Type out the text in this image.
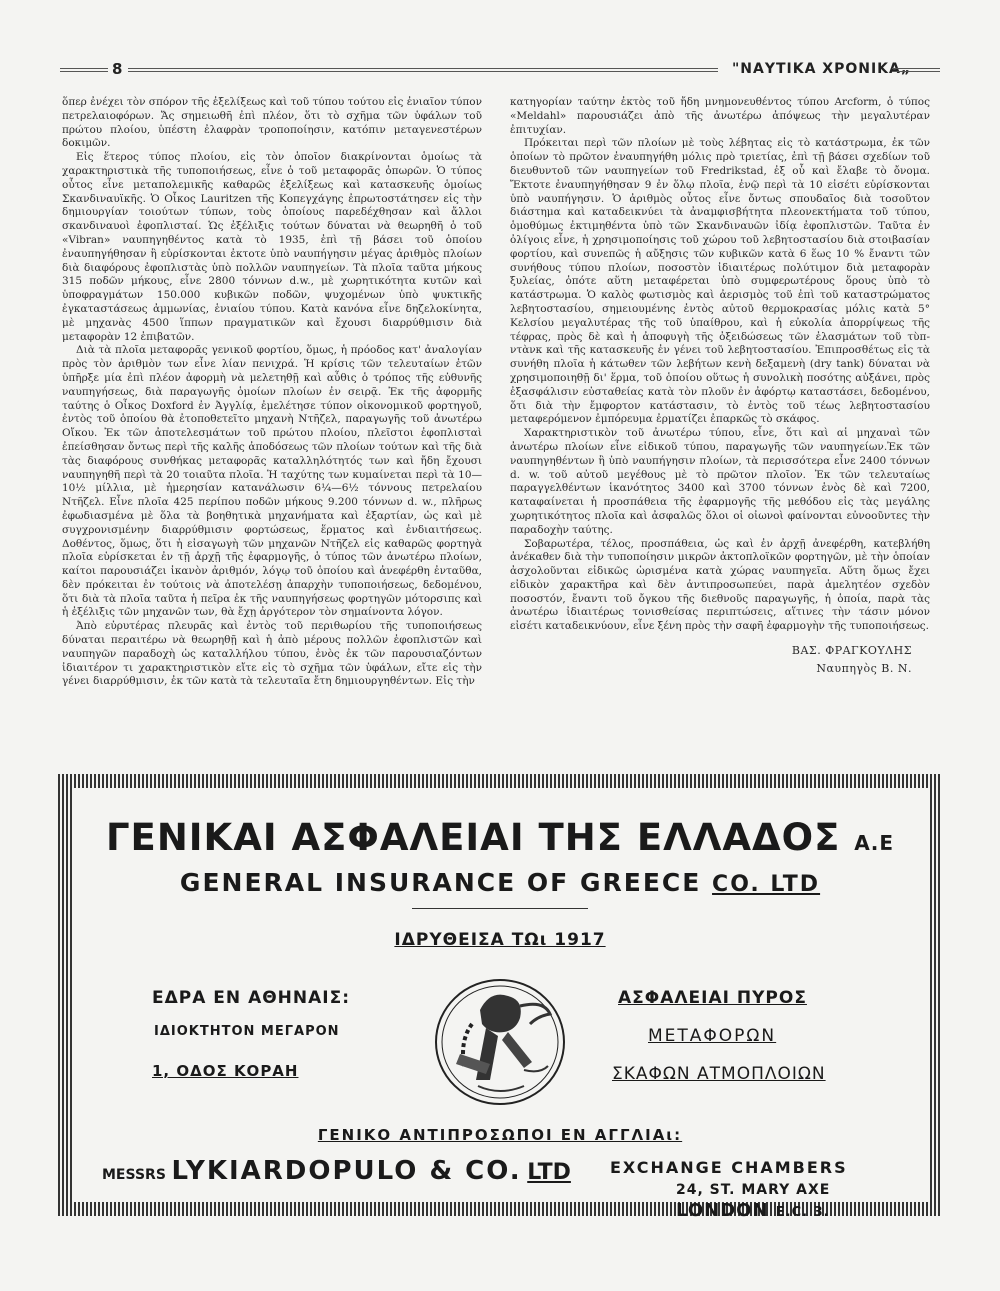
8	"ΝΑΥΤΙΚΑ ΧΡΟΝΙΚΑ„

ὅπερ ἐνέχει τὸν σπόρον τῆς ἐξελίξεως καὶ τοῦ τύπου τούτου εἰς ἐνιαῖον τύπον πετρελαιοφόρων. Ἄς σημειωθῆ ἐπὶ πλέον, ὅτι τὸ σχῆμα τῶν ὑφάλων τοῦ πρώτου πλοίου, ὑπέστη ἐλαφρὰν τροποποίησιν, κατόπιν μεταγενεστέρων δοκιμῶν.

Εἰς ἕτερος τύπος πλοίου, εἰς τὸν ὁποῖον διακρίνονται ὁμοίως τὰ χαρακτηριστικὰ τῆς τυποποιήσεως, εἶνε ὁ τοῦ μεταφορᾶς ὀπωρῶν. Ὁ τύπος οὗτος εἶνε μεταπολεμικῆς καθαρῶς ἐξελίξεως καὶ κατασκευῆς ὁμοίως Σκανδιναυϊκῆς. Ὁ Οἶκος Lauritzen τῆς Κοπεγχάγης ἐπρωτοστάτησεν εἰς τὴν δημιουργίαν τοιούτων τύπων, τοὺς ὁποίους παρεδέχθησαν καὶ ἄλλοι σκανδιναυοὶ ἐφοπλισταί. Ὡς ἐξέλιξις τούτων δύναται νὰ θεωρηθῆ ὁ τοῦ «Vibran» ναυπηγηθέντος κατὰ τὸ 1935, ἐπὶ τῇ βάσει τοῦ ὁποίου ἐναυπηγήθησαν ἢ εὑρίσκονται ἐκτοτε ὑπὸ ναυπήγησιν μέγας ἀριθμὸς πλοίων διὰ διαφόρους ἐφοπλιστὰς ὑπὸ πολλῶν ναυπηγείων. Τὰ πλοῖα ταῦτα μήκους 315 ποδῶν μήκους, εἶνε 2800 τόννων d.w., μὲ χωρητικότητα κυτῶν καὶ ὑποφραγμάτων 150.000 κυβικῶν ποδῶν, ψυχομένων ὑπὸ ψυκτικῆς ἐγκαταστάσεως ἀμμωνίας, ἑνιαίου τύπου. Κατὰ κανόνα εἶνε δηζελοκίνητα, μὲ μηχανὰς 4500 ἵππων πραγματικῶν καὶ ἔχουσι διαρρύθμισιν διὰ μεταφορὰν 12 ἐπιβατῶν.

Διὰ τὰ πλοῖα μεταφορᾶς γενικοῦ φορτίου, ὅμως, ἡ πρόοδος κατ' ἀναλογίαν πρὸς τὸν ἀριθμὸν των εἶνε λίαν πενιχρά. Ἡ κρίσις τῶν τελευταίων ἐτῶν ὑπῆρξε μία ἐπὶ πλέον ἀφορμὴ νὰ μελετηθῇ καὶ αὖθις ὁ τρόπος τῆς εὐθυνῆς ναυπηγήσεως, διὰ παραγωγῆς ὁμοίων πλοίων ἐν σειρᾷ. Ἐκ τῆς ἀφορμῆς ταύτης ὁ Οἶκος Doxford ἐν Ἀγγλίᾳ, ἐμελέτησε τύπον οἰκονομικοῦ φορτηγοῦ, ἐντὸς τοῦ ὁποίου θὰ ἐτοποθετεῖτο μηχανὴ Ντῆζελ, παραγωγῆς τοῦ ἀνωτέρω Οἴκου. Ἐκ τῶν ἀποτελεσμάτων τοῦ πρώτου πλοίου, πλεῖστοι ἐφοπλισταὶ ἐπείσθησαν ὄντως περὶ τῆς καλῆς ἀποδόσεως τῶν πλοίων τούτων καὶ τῆς διὰ τὰς διαφόρους συνθήκας μεταφορᾶς καταλληλότητός των καὶ ἤδη ἔχουσι ναυπηγηθῆ περὶ τὰ 20 τοιαῦτα πλοῖα. Ἡ ταχύτης των κυμαίνεται περὶ τὰ 10—10½ μίλλια, μὲ ἡμερησίαν κατανάλωσιν 6¼—6½ τόννους πετρελαίου Ντῆζελ. Εἶνε πλοῖα 425 περίπου ποδῶν μήκους 9.200 τόννων d. w., πλῆρως ἐφωδιασμένα μὲ ὅλα τὰ βοηθητικὰ μηχανήματα καὶ ἐξαρτίαν, ὡς καὶ μὲ συγχρονισμένην διαρρύθμισιν φορτώσεως, ἕρματος καὶ ἐνδιαιτήσεως. Δοθέντος, ὅμως, ὅτι ἡ εἰσαγωγὴ τῶν μηχανῶν Ντῆζελ εἰς καθαρῶς φορτηγὰ πλοῖα εὑρίσκεται ἐν τῇ ἀρχῇ τῆς ἐφαρμογῆς, ὁ τύπος τῶν ἀνωτέρω πλοίων, καίτοι παρουσιάζει ἱκανὸν ἀριθμόν, λόγῳ τοῦ ὁποίου καὶ ἀνεφέρθη ἐνταῦθα, δὲν πρόκειται ἐν τούτοις νὰ ἀποτελέσῃ ἀπαρχὴν τυποποιήσεως, δεδομένου, ὅτι διὰ τὰ πλοῖα ταῦτα ἡ πεῖρα ἐκ τῆς ναυπηγήσεως φορτηγῶν μότορσιπς καὶ ἡ ἐξέλιξις τῶν μηχανῶν των, θὰ ἔχῃ ἀργότερον τὸν σημαίνοντα λόγον.

Ἀπὸ εὐρυτέρας πλευρᾶς καὶ ἐντὸς τοῦ περιθωρίου τῆς τυποποιήσεως δύναται περαιτέρω νὰ θεωρηθῇ καὶ ἡ ἀπὸ μέρους πολλῶν ἐφοπλιστῶν καὶ ναυπηγῶν παραδοχὴ ὡς καταλλήλου τύπου, ἑνὸς ἐκ τῶν παρουσιαζόντων ἰδιαιτέρον τι χαρακτηριστικὸν εἴτε εἰς τὸ σχῆμα τῶν ὑφάλων, εἴτε εἰς τὴν γένει διαρρύθμισιν, ἐκ τῶν κατὰ τὰ τελευταῖα ἔτη δημιουργηθέντων. Εἰς τὴν

κατηγορίαν ταύτην ἐκτὸς τοῦ ἤδη μνημονευθέντος τύπου Arcform, ὁ τύπος «Meldahl» παρουσιάζει ἀπὸ τῆς ἀνωτέρω ἀπόψεως τὴν μεγαλυτέραν ἐπιτυχίαν.

Πρόκειται περὶ τῶν πλοίων μὲ τοὺς λέβητας εἰς τὸ κατάστρωμα, ἐκ τῶν ὁποίων τὸ πρῶτον ἐναυπηγήθη μόλις πρὸ τριετίας, ἐπὶ τῇ βάσει σχεδίων τοῦ διευθυντοῦ τῶν ναυπηγείων τοῦ Fredrikstad, ἐξ οὗ καὶ ἔλαβε τὸ ὄνομα. Ἔκτοτε ἐναυπηγήθησαν 9 ἐν ὅλῳ πλοῖα, ἐνῷ περὶ τὰ 10 εἰσέτι εὑρίσκονται ὑπὸ ναυπήγησιν. Ὁ ἀριθμὸς οὗτος εἶνε ὄντως σπουδαῖος διὰ τοσοῦτον διάστημα καὶ καταδεικνύει τὰ ἀναμφισβήτητα πλεονεκτήματα τοῦ τύπου, ὁμοθύμως ἐκτιμηθέντα ὑπὸ τῶν Σκανδιναυῶν ἰδίᾳ ἐφοπλιστῶν. Ταῦτα ἐν ὀλίγοις εἶνε, ἡ χρησιμοποίησις τοῦ χώρου τοῦ λεβητοστασίου διὰ στοιβασίαν φορτίου, καὶ συνεπῶς ἡ αὔξησις τῶν κυβικῶν κατὰ 6 ἕως 10 % ἔναντι τῶν συνήθους τύπου πλοίων, ποσοστὸν ἰδιαιτέρως πολύτιμον διὰ μεταφορὰν ξυλείας, ὁπότε αὕτη μεταφέρεται ὑπὸ συμφερωτέρους ὅρους ὑπὸ τὸ κατάστρωμα. Ὁ καλὸς φωτισμὸς καὶ ἀερισμὸς τοῦ ἐπὶ τοῦ καταστρώματος λεβητοστασίου, σημειουμένης ἐντὸς αὐτοῦ θερμοκρασίας μόλις κατὰ 5° Κελσίου μεγαλυτέρας τῆς τοῦ ὑπαίθρου, καὶ ἡ εὐκολία ἀπορρίψεως τῆς τέφρας, πρὸς δὲ καὶ ἡ ἀποφυγὴ τῆς ὀξειδώσεως τῶν ἐλασμάτων τοῦ τὺπ-ντὰνκ καὶ τῆς κατασκευῆς ἐν γένει τοῦ λεβητοστασίου. Ἐπιπροσθέτως εἰς τὰ συνήθη πλοῖα ἡ κάτωθεν τῶν λεβήτων κενὴ δεξαμενὴ (dry tank) δύναται νὰ χρησιμοποιηθῇ δι' ἕρμα, τοῦ ὁποίου οὕτως ἡ συνολικὴ ποσότης αὐξάνει, πρὸς ἐξασφάλισιν εὐσταθείας κατὰ τὸν πλοῦν ἐν ἀφόρτῳ καταστάσει, δεδομένου, ὅτι διὰ τὴν ἔμφορτον κατάστασιν, τὸ ἐντὸς τοῦ τέως λεβητοστασίου μεταφερόμενον ἐμπόρευμα ἐρματίζει ἐπαρκῶς τὸ σκάφος.

Χαρακτηριστικὸν τοῦ ἀνωτέρω τύπου, εἶνε, ὅτι καὶ αἱ μηχαναὶ τῶν ἀνωτέρω πλοίων εἶνε εἰδικοῦ τύπου, παραγωγῆς τῶν ναυπηγείων.Ἐκ τῶν ναυπηγηθέντων ἢ ὑπὸ ναυπήγησιν πλοίων, τὰ περισσότερα εἶνε 2400 τόννων d. w. τοῦ αὐτοῦ μεγέθους μὲ τὸ πρῶτον πλοῖον. Ἐκ τῶν τελευταίως παραγγελθέντων ἱκανότητος 3400 καὶ 3700 τόννων ἑνὸς δὲ καὶ 7200, καταφαίνεται ἡ προσπάθεια τῆς ἐφαρμογῆς τῆς μεθόδου εἰς τὰς μεγάλης χωρητικότητος πλοῖα καὶ ἀσφαλῶς ὅλοι οἱ οἰωνοὶ φαίνονται εὐνοοῦντες τὴν παραδοχὴν ταύτης.

Σοβαρωτέρα, τέλος, προσπάθεια, ὡς καὶ ἐν ἀρχῇ ἀνεφέρθη, κατεβλήθη ἀνέκαθεν διὰ τὴν τυποποίησιν μικρῶν ἀκτοπλοϊκῶν φορτηγῶν, μὲ τὴν ὁποίαν ἀσχολοῦνται εἰδικῶς ὡρισμένα κατὰ χώρας ναυπηγεῖα. Αὕτη ὅμως ἔχει εἰδικὸν χαρακτῆρα καὶ δὲν ἀντιπροσωπεύει, παρὰ ἀμελητέον σχεδὸν ποσοστόν, ἔναντι τοῦ ὄγκου τῆς διεθνοῦς παραγωγῆς, ἡ ὁποία, παρὰ τὰς ἀνωτέρω ἰδιαιτέρως τονισθείσας περιπτώσεις, αἵτινες τὴν τάσιν μόνον εἰσέτι καταδεικνύουν, εἶνε ξένη πρὸς τὴν σαφῆ ἐφαρμογὴν τῆς τυποποιήσεως.

ΒΑΣ. ΦΡΑΓΚΟΥΛΗΣ
Ναυπηγὸς Β. Ν.
ΓΕΝΙΚΑΙ ΑΣΦΑΛΕΙΑΙ ΤΗΣ ΕΛΛΑΔΟΣ Α.Ε
GENERAL INSURANCE OF GREECE CO. LTD
ΙΔΡΥΘΕΙΣΑ ΤΩι 1917
ΕΔΡΑ ΕΝ ΑΘΗΝΑΙΣ:
ΙΔΙΟΚΤΗΤΟΝ ΜΕΓΑΡΟΝ
1, ΟΔΟΣ ΚΟΡΑΗ
ΑΣΦΑΛΕΙΑΙ ΠΥΡΟΣ
ΜΕΤΑΦΟΡΩΝ
ΣΚΑΦΩΝ ΑΤΜΟΠΛΟΙΩΝ
ΓΕΝΙΚΟ ΑΝΤΙΠΡΟΣΩΠΟΙ ΕΝ ΑΓΓΛΙΑι:
MESSRS LYKIARDOPULO & CO. LTD EXCHANGE CHAMBERS
24, ST. MARY AXE
LONDON E.C. 3.
